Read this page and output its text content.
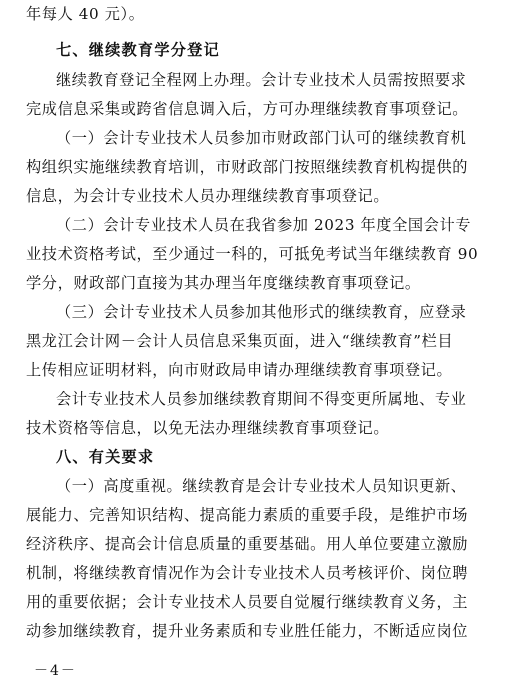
年每人 40 元）。
七、继续教育学分登记
继续教育登记全程网上办理。会计专业技术人员需按照要求
完成信息采集或跨省信息调入后，方可办理继续教育事项登记。
（一）会计专业技术人员参加市财政部门认可的继续教育机
构组织实施继续教育培训，市财政部门按照继续教育机构提供的
信息，为会计专业技术人员办理继续教育事项登记。
（二）会计专业技术人员在我省参加 2023 年度全国会计专
业技术资格考试，至少通过一科的，可抵免考试当年继续教育 90
学分，财政部门直接为其办理当年度继续教育事项登记。
（三）会计专业技术人员参加其他形式的继续教育，应登录
黑龙江会计网－会计人员信息采集页面，进入“继续教育”栏目
上传相应证明材料，向市财政局申请办理继续教育事项登记。
会计专业技术人员参加继续教育期间不得变更所属地、专业
技术资格等信息，以免无法办理继续教育事项登记。
八、有关要求
（一）高度重视。继续教育是会计专业技术人员知识更新、
展能力、完善知识结构、提高能力素质的重要手段，是维护市场
经济秩序、提高会计信息质量的重要基础。用人单位要建立激励
机制，将继续教育情况作为会计专业技术人员考核评价、岗位聘
用的重要依据；会计专业技术人员要自觉履行继续教育义务，主
动参加继续教育，提升业务素质和专业胜任能力，不断适应岗位
－4－
